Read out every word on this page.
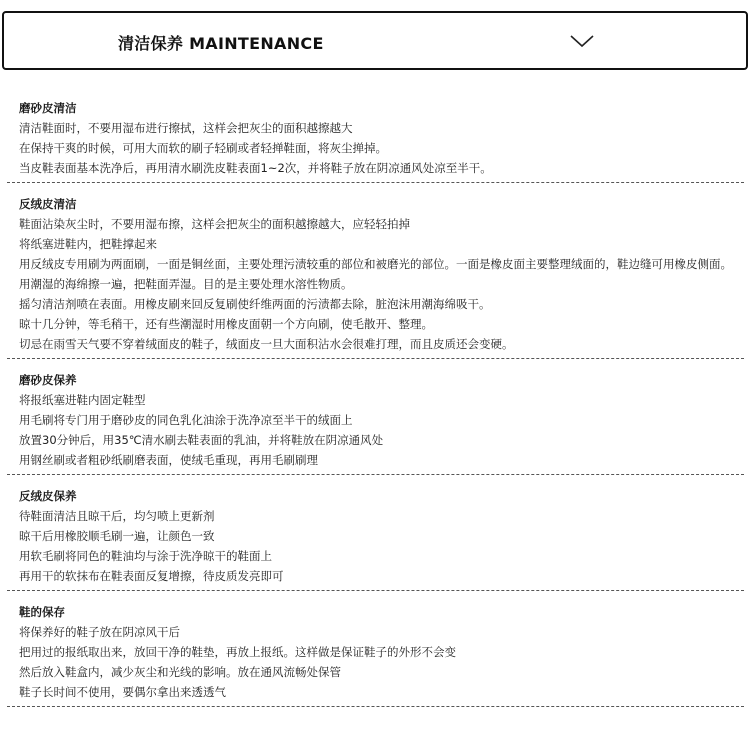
清洁保养 MAINTENANCE
磨砂皮清洁
清洁鞋面时，不要用湿布进行擦拭，这样会把灰尘的面积越擦越大
在保持干爽的时候，可用大而软的刷子轻刷或者轻掸鞋面，将灰尘掸掉。
当皮鞋表面基本洗净后，再用清水刷洗皮鞋表面1~2次，并将鞋子放在阴凉通风处凉至半干。
反绒皮清洁
鞋面沾染灰尘时，不要用湿布擦，这样会把灰尘的面积越擦越大，应轻轻拍掉
将纸塞进鞋内，把鞋撑起来
用反绒皮专用刷为两面刷，一面是铜丝面，主要处理污渍较重的部位和被磨光的部位。一面是橡皮面主要整理绒面的，鞋边缝可用橡皮侧面。
用潮湿的海绵擦一遍，把鞋面弄湿。目的是主要处理水溶性物质。
摇匀清洁剂喷在表面。用橡皮刷来回反复刷使纤维两面的污渍都去除，脏泡沫用潮海绵吸干。
晾十几分钟，等毛稍干，还有些潮湿时用橡皮面朝一个方向刷，使毛散开、整理。
切忌在雨雪天气要不穿着绒面皮的鞋子，绒面皮一旦大面积沾水会很难打理，而且皮质还会变硬。
磨砂皮保养
将报纸塞进鞋内固定鞋型
用毛刷将专门用于磨砂皮的同色乳化油涂于洗净凉至半干的绒面上
放置30分钟后，用35℃清水刷去鞋表面的乳油，并将鞋放在阴凉通风处
用钢丝刷或者粗砂纸刷磨表面，使绒毛重现，再用毛刷刷理
反绒皮保养
待鞋面清洁且晾干后，均匀喷上更新剂
晾干后用橡胶顺毛刷一遍，让颜色一致
用软毛刷将同色的鞋油均与涂于洗净晾干的鞋面上
再用干的软抹布在鞋表面反复增擦，待皮质发亮即可
鞋的保存
将保养好的鞋子放在阴凉风干后
把用过的报纸取出来，放回干净的鞋垫，再放上报纸。这样做是保证鞋子的外形不会变
然后放入鞋盒内，减少灰尘和光线的影响。放在通风流畅处保管
鞋子长时间不使用，要偶尔拿出来透透气
